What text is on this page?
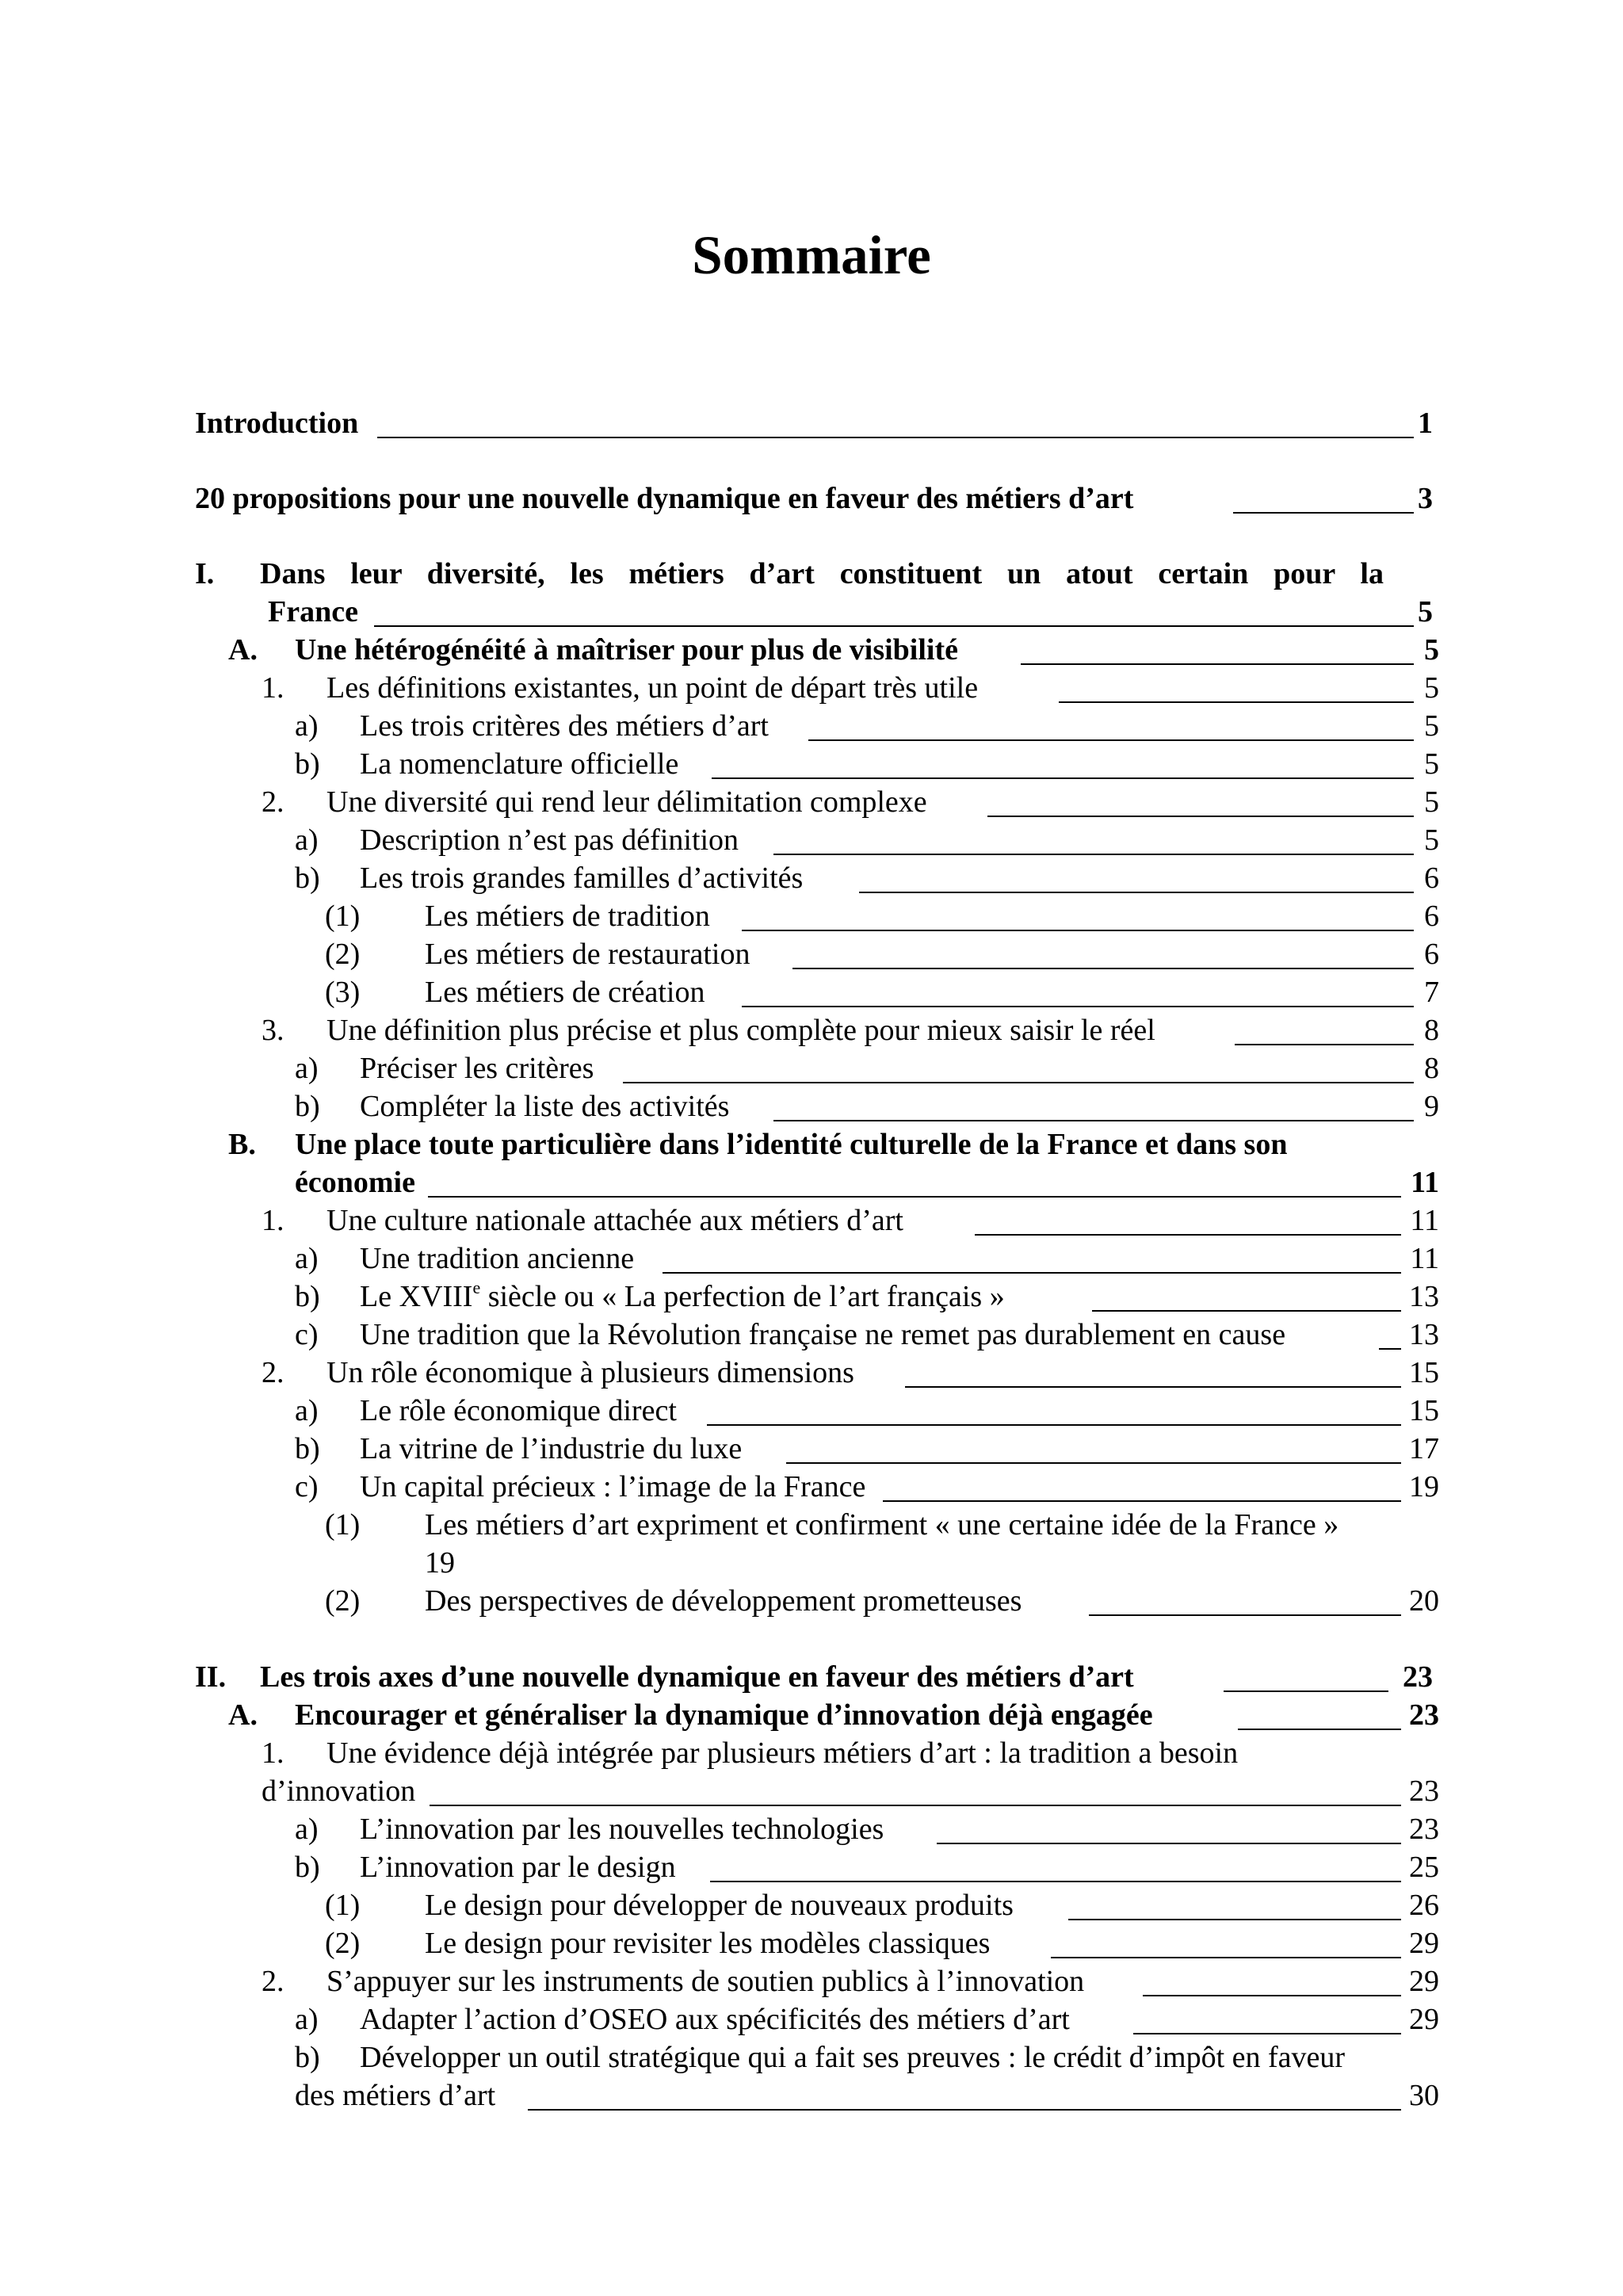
Sommaire
Introduction	1
20 propositions pour une nouvelle dynamique en faveur des métiers d’art	3
I. Dans leur diversité, les métiers d’art constituent un atout certain pour la
France	5
A. Une hétérogénéité à maîtriser pour plus de visibilité	5
1. Les définitions existantes, un point de départ très utile	5
a) Les trois critères des métiers d’art	5
b) La nomenclature officielle	5
2. Une diversité qui rend leur délimitation complexe	5
a) Description n’est pas définition	5
b) Les trois grandes familles d’activités	6
(1) Les métiers de tradition	6
(2) Les métiers de restauration	6
(3) Les métiers de création	7
3. Une définition plus précise et plus complète pour mieux saisir le réel	8
a) Préciser les critères	8
b) Compléter la liste des activités	9
B. Une place toute particulière dans l’identité culturelle de la France et dans son
économie	11
1. Une culture nationale attachée aux métiers d’art	11
a) Une tradition ancienne	11
b) Le XVIIIe siècle ou « La perfection de l’art français »	13
c) Une tradition que la Révolution française ne remet pas durablement en cause	13
2. Un rôle économique à plusieurs dimensions	15
a) Le rôle économique direct	15
b) La vitrine de l’industrie du luxe	17
c) Un capital précieux : l’image de la France	19
(1) Les métiers d’art expriment et confirment « une certaine idée de la France »
19
(2) Des perspectives de développement prometteuses	20
II. Les trois axes d’une nouvelle dynamique en faveur des métiers d’art	23
A. Encourager et généraliser la dynamique d’innovation déjà engagée	23
1. Une évidence déjà intégrée par plusieurs métiers d’art : la tradition a besoin
d’innovation	23
a) L’innovation par les nouvelles technologies	23
b) L’innovation par le design	25
(1) Le design pour développer de nouveaux produits	26
(2) Le design pour revisiter les modèles classiques	29
2. S’appuyer sur les instruments de soutien publics à l’innovation	29
a) Adapter l’action d’OSEO aux spécificités des métiers d’art	29
b) Développer un outil stratégique qui a fait ses preuves : le crédit d’impôt en faveur
des métiers d’art	30
